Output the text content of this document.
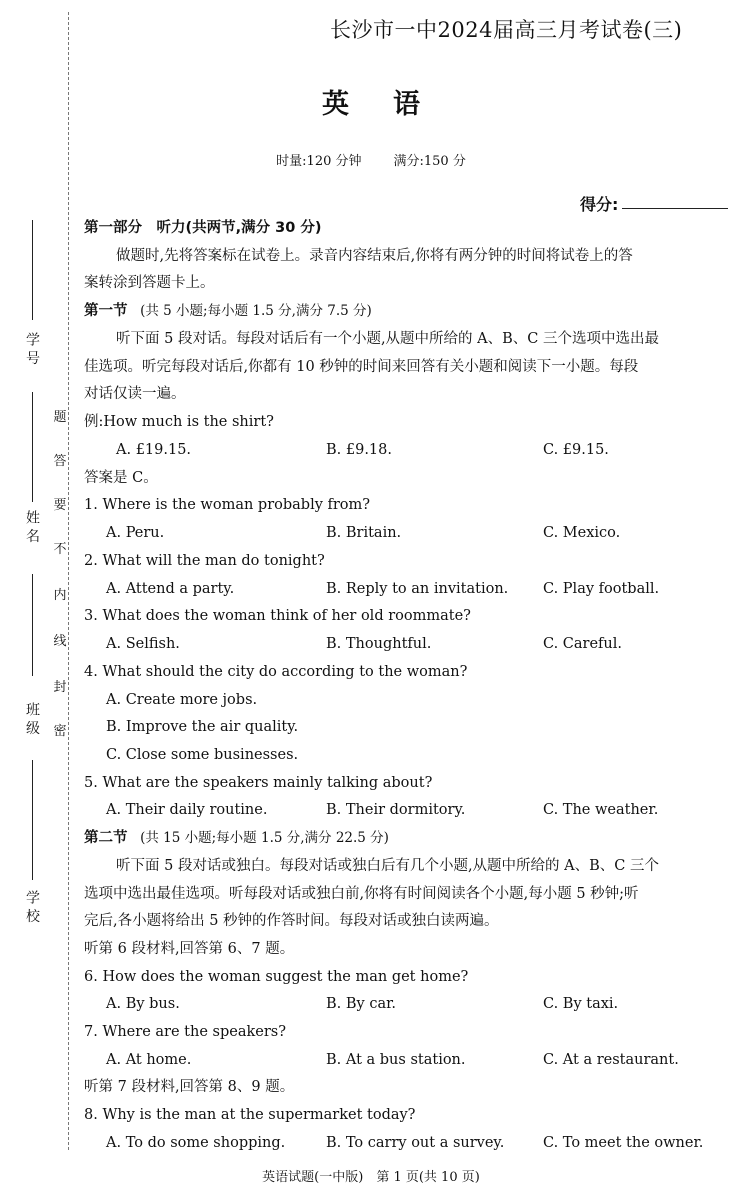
学 号
姓 名
班 级
学 校
密
封
线
内
不
要
答
题
长沙市一中2024届高三月考试卷(三)
英 语
时量:120 分钟 满分:150 分
得分:
第一部分　听力(共两节,满分 30 分)
做题时,先将答案标在试卷上。录音内容结束后,你将有两分钟的时间将试卷上的答
案转涂到答题卡上。
第一节 (共 5 小题;每小题 1.5 分,满分 7.5 分)
听下面 5 段对话。每段对话后有一个小题,从题中所给的 A、B、C 三个选项中选出最
佳选项。听完每段对话后,你都有 10 秒钟的时间来回答有关小题和阅读下一小题。每段
对话仅读一遍。
例:How much is the shirt?
A. £19.15.	B. £9.18.	C. £9.15.
答案是 C。
1. Where is the woman probably from?
A. Peru.	B. Britain.	C. Mexico.
2. What will the man do tonight?
A. Attend a party.	B. Reply to an invitation. C. Play football.
3. What does the woman think of her old roommate?
A. Selfish.	B. Thoughtful.	C. Careful.
4. What should the city do according to the woman?
A. Create more jobs.
B. Improve the air quality.
C. Close some businesses.
5. What are the speakers mainly talking about?
A. Their daily routine.	B. Their dormitory.	C. The weather.
第二节 (共 15 小题;每小题 1.5 分,满分 22.5 分)
听下面 5 段对话或独白。每段对话或独白后有几个小题,从题中所给的 A、B、C 三个
选项中选出最佳选项。听每段对话或独白前,你将有时间阅读各个小题,每小题 5 秒钟;听
完后,各小题将给出 5 秒钟的作答时间。每段对话或独白读两遍。
听第 6 段材料,回答第 6、7 题。
6. How does the woman suggest the man get home?
A. By bus.	B. By car.	C. By taxi.
7. Where are the speakers?
A. At home.	B. At a bus station.	C. At a restaurant.
听第 7 段材料,回答第 8、9 题。
8. Why is the man at the supermarket today?
A. To do some shopping.	B. To carry out a survey.	C. To meet the owner.
英语试题(一中版)　第 1 页(共 10 页)
